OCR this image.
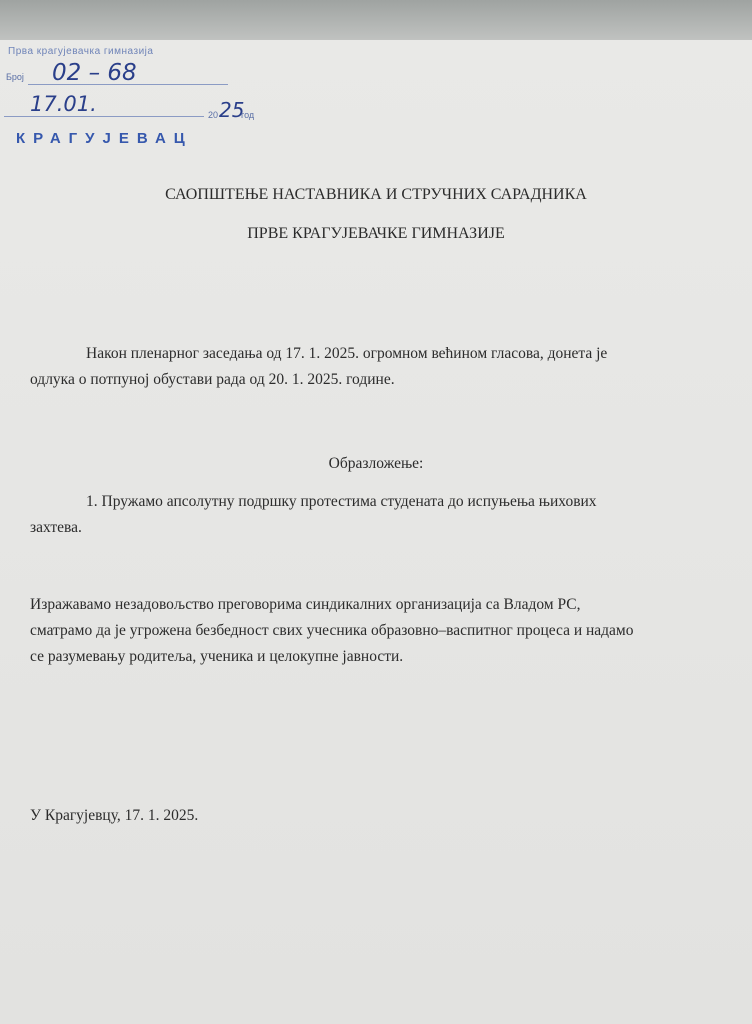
Прва крагујевачка гимназија
Број 02 – 68
17.01.	20 25
год
КРАГУЈЕВАЦ
САОПШТЕЊЕ НАСТАВНИКА И СТРУЧНИХ САРАДНИКА
ПРВЕ КРАГУЈЕВАЧКЕ ГИМНАЗИЈЕ
Након пленарног заседања од 17. 1. 2025. огромном већином гласова, донета је
одлука о потпуној обустави рада од 20. 1. 2025. године.
Образложење:
1. Пружамо апсолутну подршку протестима студената до испуњења њихових
захтева.
Изражавамо незадовољство преговорима синдикалних организација са Владом РС,
сматрамо да је угрожена безбедност свих учесника образовно–васпитног процеса и надамо
се разумевању родитеља, ученика и целокупне јавности.
У Крагујевцу, 17. 1. 2025.
